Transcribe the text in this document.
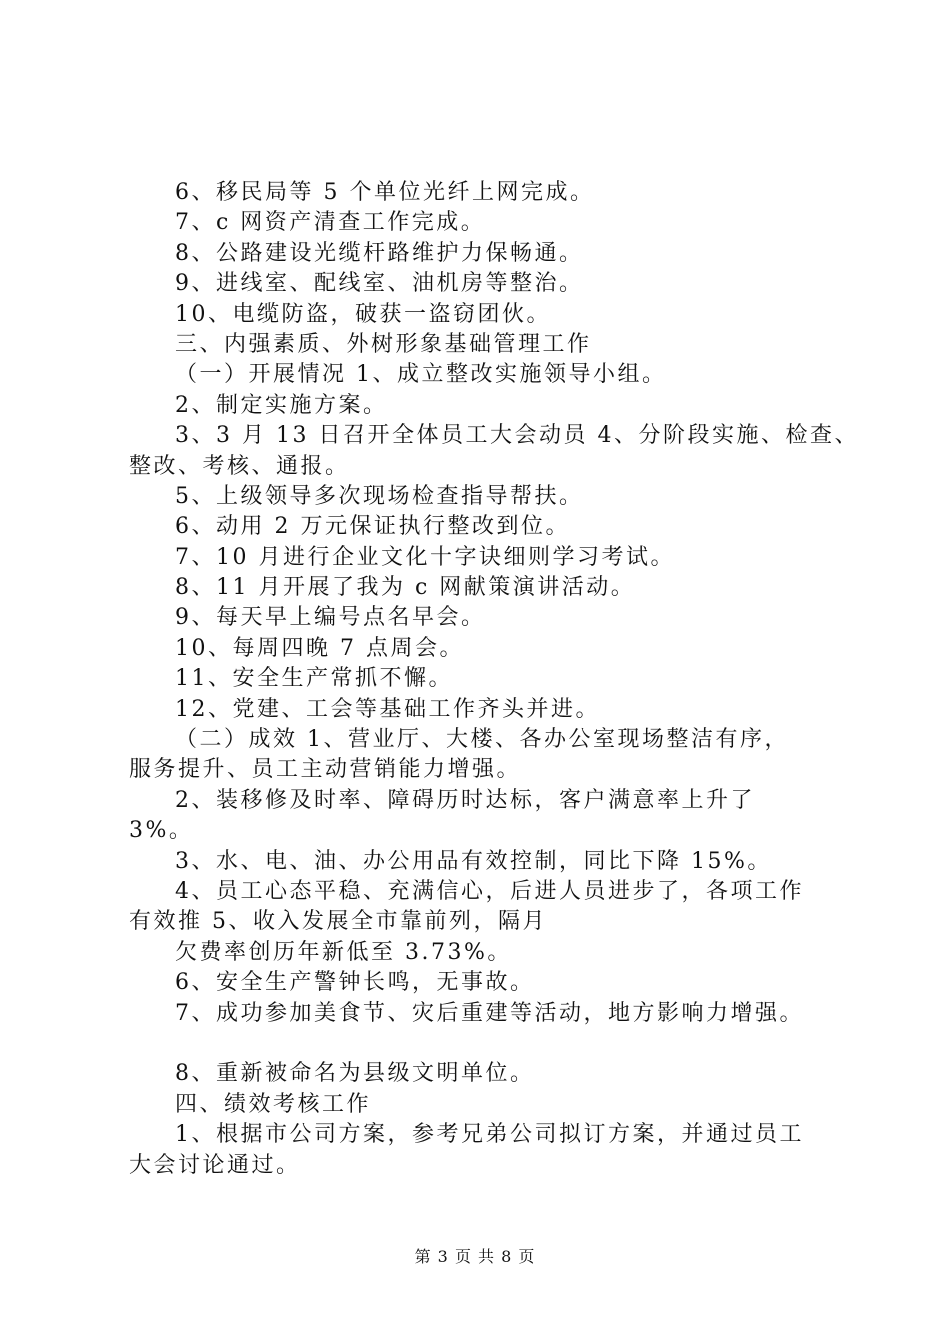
6、移民局等 5 个单位光纤上网完成。
7、c 网资产清查工作完成。
8、公路建设光缆杆路维护力保畅通。
9、进线室、配线室、油机房等整治。
10、电缆防盗，破获一盗窃团伙。
三、内强素质、外树形象基础管理工作
（一）开展情况 1、成立整改实施领导小组。
2、制定实施方案。
3、3 月 13 日召开全体员工大会动员 4、分阶段实施、检查、
整改、考核、通报。
5、上级领导多次现场检查指导帮扶。
6、动用 2 万元保证执行整改到位。
7、10 月进行企业文化十字诀细则学习考试。
8、11 月开展了我为 c 网献策演讲活动。
9、每天早上编号点名早会。
10、每周四晚 7 点周会。
11、安全生产常抓不懈。
12、党建、工会等基础工作齐头并进。
（二）成效 1、营业厅、大楼、各办公室现场整洁有序，
服务提升、员工主动营销能力增强。
2、装移修及时率、障碍历时达标，客户满意率上升了
3%。
3、水、电、油、办公用品有效控制，同比下降 15%。
4、员工心态平稳、充满信心，后进人员进步了，各项工作
有效推 5、收入发展全市靠前列，隔月
欠费率创历年新低至 3.73%。
6、安全生产警钟长鸣，无事故。
7、成功参加美食节、灾后重建等活动，地方影响力增强。
8、重新被命名为县级文明单位。
四、绩效考核工作
1、根据市公司方案，参考兄弟公司拟订方案，并通过员工
大会讨论通过。
第 3 页 共 8 页
